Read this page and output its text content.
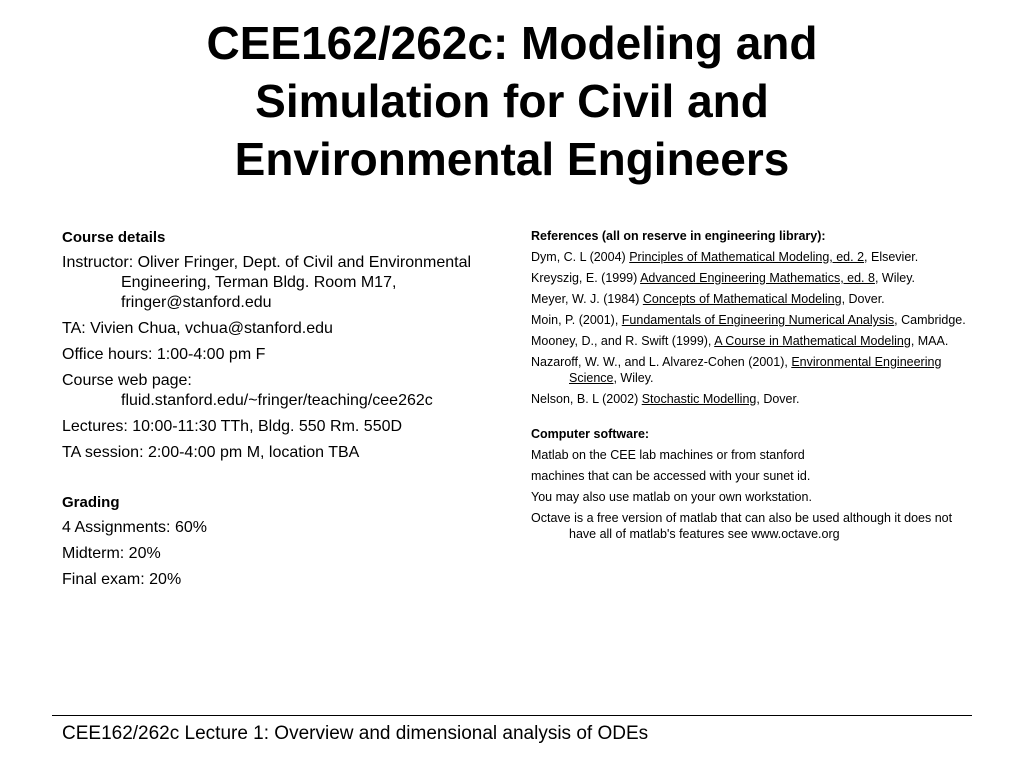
CEE162/262c: Modeling and
Simulation for Civil and
Environmental Engineers
Course details

Instructor: Oliver Fringer, Dept. of Civil and Environmental Engineering, Terman Bldg. Room M17, fringer@stanford.edu

TA: Vivien Chua, vchua@stanford.edu

Office hours: 1:00-4:00 pm F

Course web page: fluid.stanford.edu/~fringer/teaching/cee262c

Lectures: 10:00-11:30 TTh, Bldg. 550 Rm. 550D

TA session: 2:00-4:00 pm M, location TBA

Grading

4 Assignments: 60%

Midterm: 20%

Final exam: 20%

References (all on reserve in engineering library):

Dym, C. L (2004) Principles of Mathematical Modeling, ed. 2, Elsevier.

Kreyszig, E. (1999) Advanced Engineering Mathematics, ed. 8, Wiley.

Meyer, W. J. (1984) Concepts of Mathematical Modeling, Dover.

Moin, P. (2001), Fundamentals of Engineering Numerical Analysis, Cambridge.

Mooney, D., and R. Swift (1999), A Course in Mathematical Modeling, MAA.

Nazaroff, W. W., and L. Alvarez-Cohen (2001), Environmental Engineering Science, Wiley.

Nelson, B. L (2002) Stochastic Modelling, Dover.

Computer software:

Matlab on the CEE lab machines or from stanford

machines that can be accessed with your sunet id.

You may also use matlab on your own workstation.

Octave is a free version of matlab that can also be used although it does not have all of matlab's features see www.octave.org

CEE162/262c Lecture 1: Overview and dimensional analysis of ODEs
